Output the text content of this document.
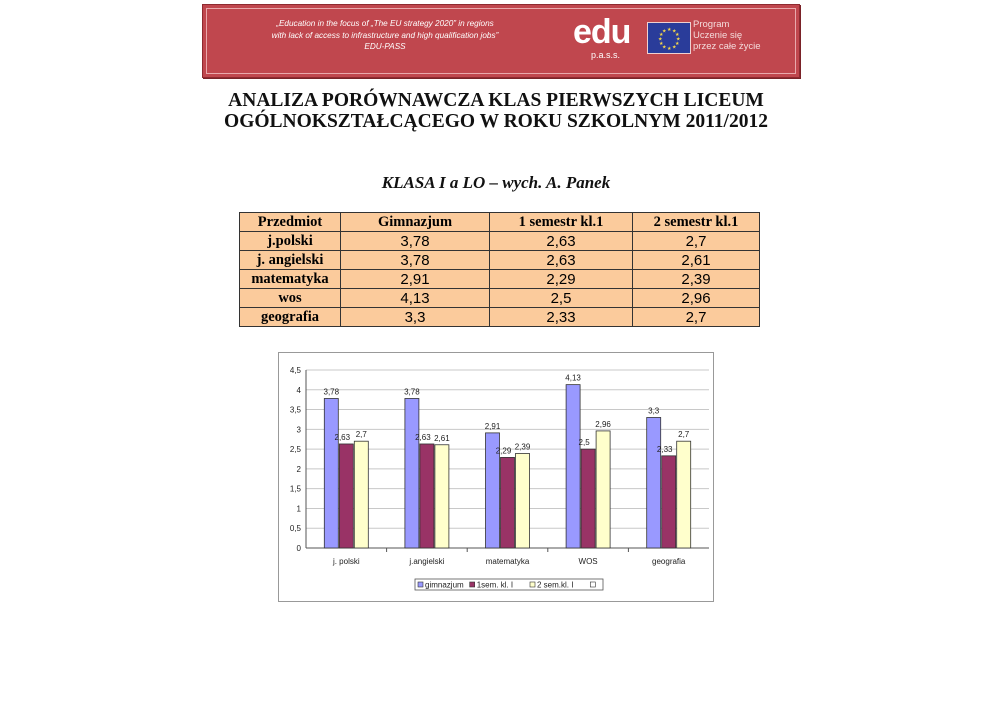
„Education in the focus of „The EU strategy 2020” in regions
with lack of access to infrastructure and high qualification jobs”
EDU-PASS	edu
p.a.s.s.
★ ★
★
★
★
★
★
★
★
★
★
★
Program
Uczenie się
przez całe życie
ANALIZA PORÓWNAWCZA KLAS PIERWSZYCH LICEUM
OGÓLNOKSZTAŁCĄCEGO W ROKU SZKOLNYM 2011/2012
KLASA I a LO – wych. A. Panek
Przedmiot	Gimnazjum	1 semestr kl.1	2 semestr kl.1
j.polski	3,78	2,63	2,7
j. angielski	3,78	2,63	2,61
matematyka	2,91	2,29	2,39
wos	4,13	2,5	2,96
geografia	3,3	2,33	2,7
0
0,5
1
1,5
2
2,5
3
3,5
4
4,5
3,78
2,63 2,7
j. polski
3,78
2,63 2,61
j.angielski
2,91
2,29 2,39
matematyka
4,13
2,5
2,96
WOS
3,3
2,33
2,7
geografia
gimnazjum 1sem. kl. I	2 sem.kl. I
